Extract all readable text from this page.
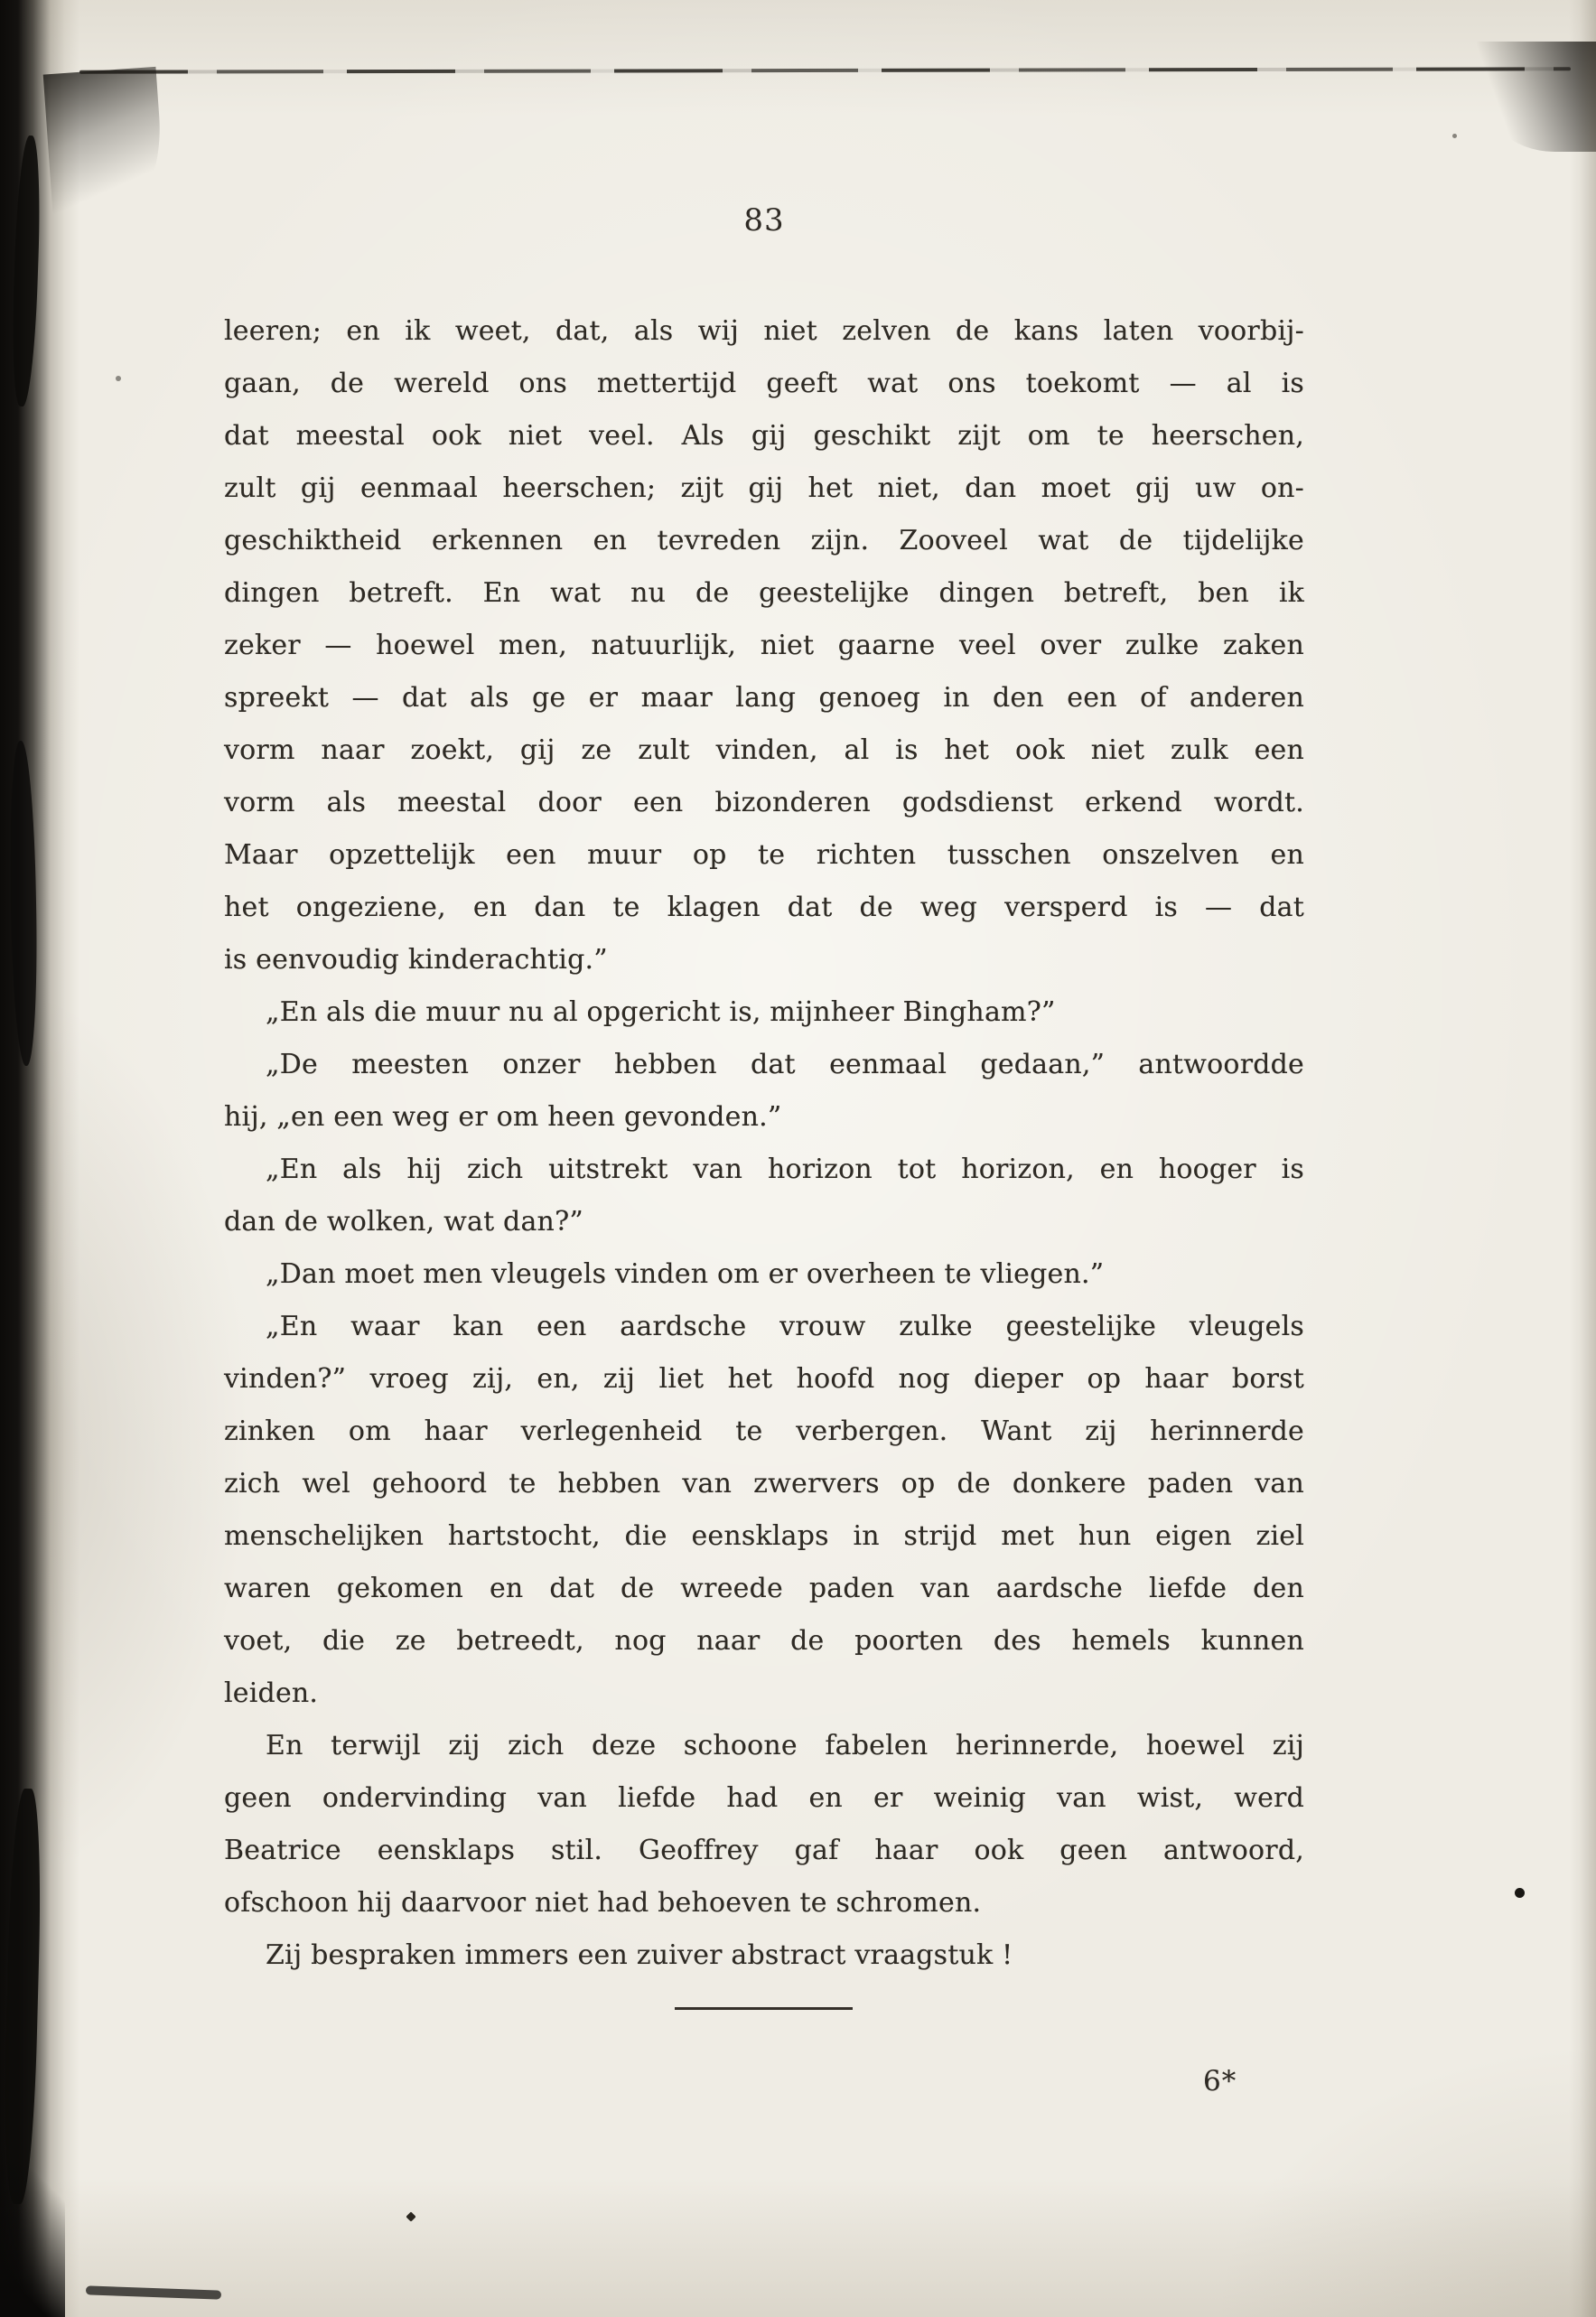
83
leeren; en ik weet, dat, als wij niet zelven de kans laten voorbij-
gaan, de wereld ons mettertijd geeft wat ons toekomt — al is
dat meestal ook niet veel. Als gij geschikt zijt om te heerschen,
zult gij eenmaal heerschen; zijt gij het niet, dan moet gij uw on-
geschiktheid erkennen en tevreden zijn. Zooveel wat de tijdelijke
dingen betreft. En wat nu de geestelijke dingen betreft, ben ik
zeker — hoewel men, natuurlijk, niet gaarne veel over zulke zaken
spreekt — dat als ge er maar lang genoeg in den een of anderen
vorm naar zoekt, gij ze zult vinden, al is het ook niet zulk een
vorm als meestal door een bizonderen godsdienst erkend wordt.
Maar opzettelijk een muur op te richten tusschen onszelven en
het ongeziene, en dan te klagen dat de weg versperd is — dat
is eenvoudig kinderachtig.”
„En als die muur nu al opgericht is, mijnheer Bingham?”
„De meesten onzer hebben dat eenmaal gedaan,” antwoordde
hij, „en een weg er om heen gevonden.”
„En als hij zich uitstrekt van horizon tot horizon, en hooger is
dan de wolken, wat dan?”
„Dan moet men vleugels vinden om er overheen te vliegen.”
„En waar kan een aardsche vrouw zulke geestelijke vleugels
vinden?” vroeg zij, en, zij liet het hoofd nog dieper op haar borst
zinken om haar verlegenheid te verbergen. Want zij herinnerde
zich wel gehoord te hebben van zwervers op de donkere paden van
menschelijken hartstocht, die eensklaps in strijd met hun eigen ziel
waren gekomen en dat de wreede paden van aardsche liefde den
voet, die ze betreedt, nog naar de poorten des hemels kunnen
leiden.
En terwijl zij zich deze schoone fabelen herinnerde, hoewel zij
geen ondervinding van liefde had en er weinig van wist, werd
Beatrice eensklaps stil. Geoffrey gaf haar ook geen antwoord,
ofschoon hij daarvoor niet had behoeven te schromen.
Zij bespraken immers een zuiver abstract vraagstuk !
6*
